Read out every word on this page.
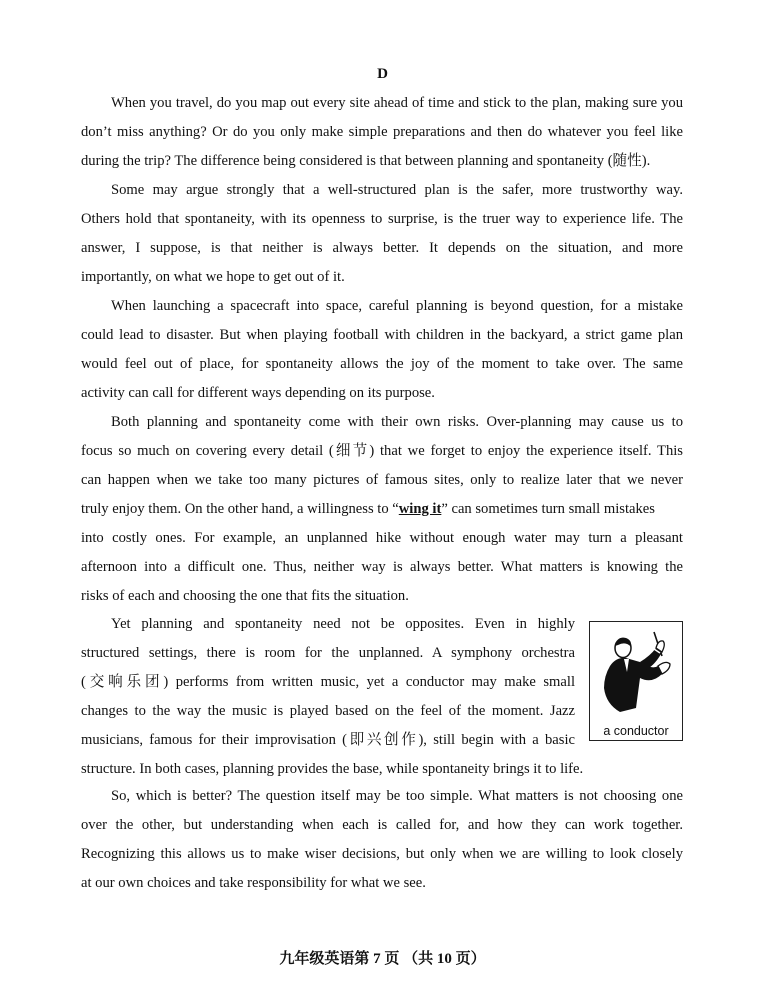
D
When you travel, do you map out every site ahead of time and stick to the plan, making sure you
don’t miss anything? Or do you only make simple preparations and then do whatever you feel like
during the trip? The difference being considered is that between planning and spontaneity (随性).
Some may argue strongly that a well-structured plan is the safer, more trustworthy way.
Others hold that spontaneity, with its openness to surprise, is the truer way to experience life. The
answer, I suppose, is that neither is always better. It depends on the situation, and more
importantly, on what we hope to get out of it.
When launching a spacecraft into space, careful planning is beyond question, for a mistake
could lead to disaster. But when playing football with children in the backyard, a strict game plan
would feel out of place, for spontaneity allows the joy of the moment to take over. The same
activity can call for different ways depending on its purpose.
Both planning and spontaneity come with their own risks. Over-planning may cause us to
focus so much on covering every detail (细节) that we forget to enjoy the experience itself. This
can happen when we take too many pictures of famous sites, only to realize later that we never
truly enjoy them. On the other hand, a willingness to “wing it” can sometimes turn small mistakes
into costly ones. For example, an unplanned hike without enough water may turn a pleasant
afternoon into a difficult one. Thus, neither way is always better. What matters is knowing the
risks of each and choosing the one that fits the situation.
Yet planning and spontaneity need not be opposites. Even in highly
structured settings, there is room for the unplanned. A symphony orchestra
(交响乐团) performs from written music, yet a conductor may make small
changes to the way the music is played based on the feel of the moment. Jazz
musicians, famous for their improvisation (即兴创作), still begin with a basic
structure. In both cases, planning provides the base, while spontaneity brings it to life.
a conductor
So, which is better? The question itself may be too simple. What matters is not choosing one
over the other, but understanding when each is called for, and how they can work together.
Recognizing this allows us to make wiser decisions, but only when we are willing to look closely
at our own choices and take responsibility for what we see.
九年级英语第 7 页 （共 10 页）
